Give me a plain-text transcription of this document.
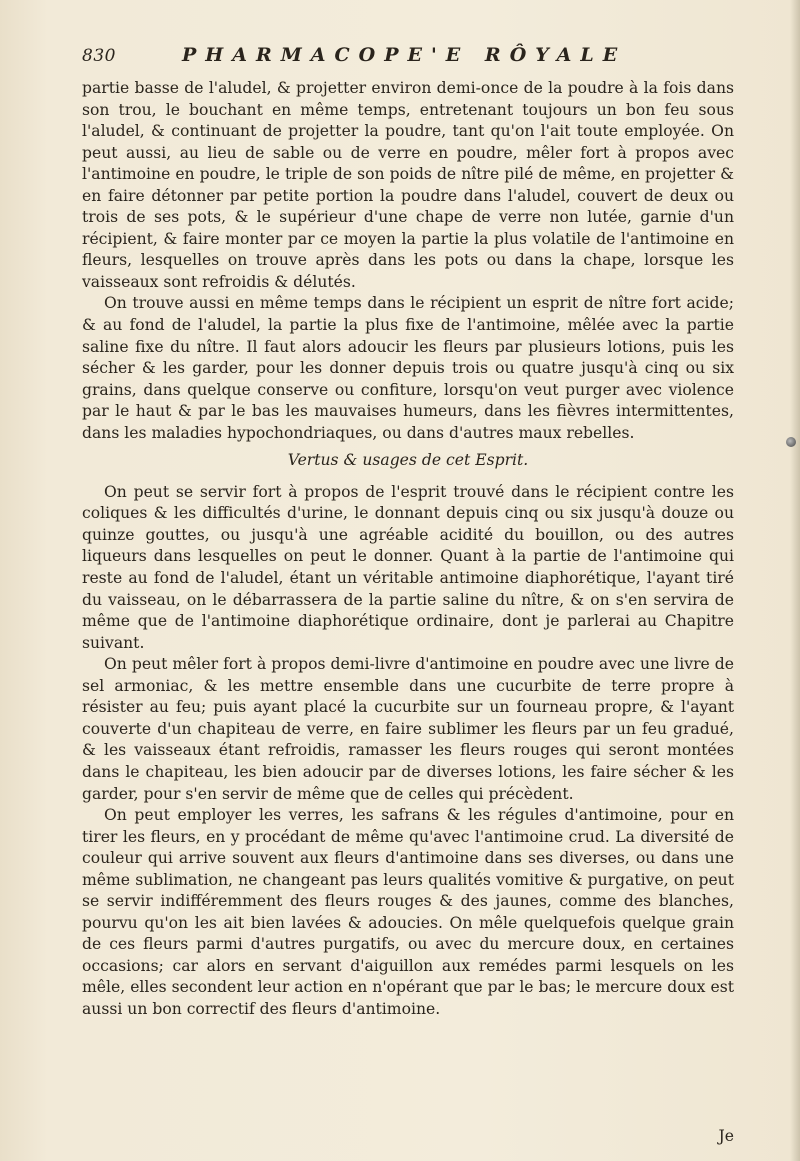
830	PHARMACOPE'E RÔYALE

partie basse de l'aludel, & projetter environ demi-once de la poudre à la fois dans son trou, le bouchant en même temps, entretenant toujours un bon feu sous l'aludel, & continuant de projetter la poudre, tant qu'on l'ait toute employée. On peut aussi, au lieu de sable ou de verre en poudre, mêler fort à propos avec l'antimoine en poudre, le triple de son poids de nître pilé de même, en projetter & en faire détonner par petite portion la poudre dans l'aludel, couvert de deux ou trois de ses pots, & le supérieur d'une chape de verre non lutée, garnie d'un récipient, & faire monter par ce moyen la partie la plus volatile de l'antimoine en fleurs, lesquelles on trouve après dans les pots ou dans la chape, lorsque les vaisseaux sont refroidis & délutés.

On trouve aussi en même temps dans le récipient un esprit de nître fort acide; & au fond de l'aludel, la partie la plus fixe de l'antimoine, mêlée avec la partie saline fixe du nître. Il faut alors adoucir les fleurs par plusieurs lotions, puis les sécher & les garder, pour les donner depuis trois ou quatre jusqu'à cinq ou six grains, dans quelque conserve ou confiture, lorsqu'on veut purger avec violence par le haut & par le bas les mauvaises humeurs, dans les fièvres intermittentes, dans les maladies hypochondriaques, ou dans d'autres maux rebelles.

Vertus & usages de cet Esprit.

On peut se servir fort à propos de l'esprit trouvé dans le récipient contre les coliques & les difficultés d'urine, le donnant depuis cinq ou six jusqu'à douze ou quinze gouttes, ou jusqu'à une agréable acidité du bouillon, ou des autres liqueurs dans lesquelles on peut le donner. Quant à la partie de l'antimoine qui reste au fond de l'aludel, étant un véritable antimoine diaphorétique, l'ayant tiré du vaisseau, on le débarrassera de la partie saline du nître, & on s'en servira de même que de l'antimoine diaphorétique ordinaire, dont je parlerai au Chapitre suivant.

On peut mêler fort à propos demi-livre d'antimoine en poudre avec une livre de sel armoniac, & les mettre ensemble dans une cucurbite de terre propre à résister au feu; puis ayant placé la cucurbite sur un fourneau propre, & l'ayant couverte d'un chapiteau de verre, en faire sublimer les fleurs par un feu gradué, & les vaisseaux étant refroidis, ramasser les fleurs rouges qui seront montées dans le chapiteau, les bien adoucir par de diverses lotions, les faire sécher & les garder, pour s'en servir de même que de celles qui précèdent.

On peut employer les verres, les safrans & les régules d'antimoine, pour en tirer les fleurs, en y procédant de même qu'avec l'antimoine crud. La diversité de couleur qui arrive souvent aux fleurs d'antimoine dans ses diverses, ou dans une même sublimation, ne changeant pas leurs qualités vomitive & purgative, on peut se servir indifféremment des fleurs rouges & des jaunes, comme des blanches, pourvu qu'on les ait bien lavées & adoucies. On mêle quelquefois quelque grain de ces fleurs parmi d'autres purgatifs, ou avec du mercure doux, en certaines occasions; car alors en servant d'aiguillon aux remédes parmi lesquels on les mêle, elles secondent leur action en n'opérant que par le bas; le mercure doux est aussi un bon correctif des fleurs d'antimoine.

Je
